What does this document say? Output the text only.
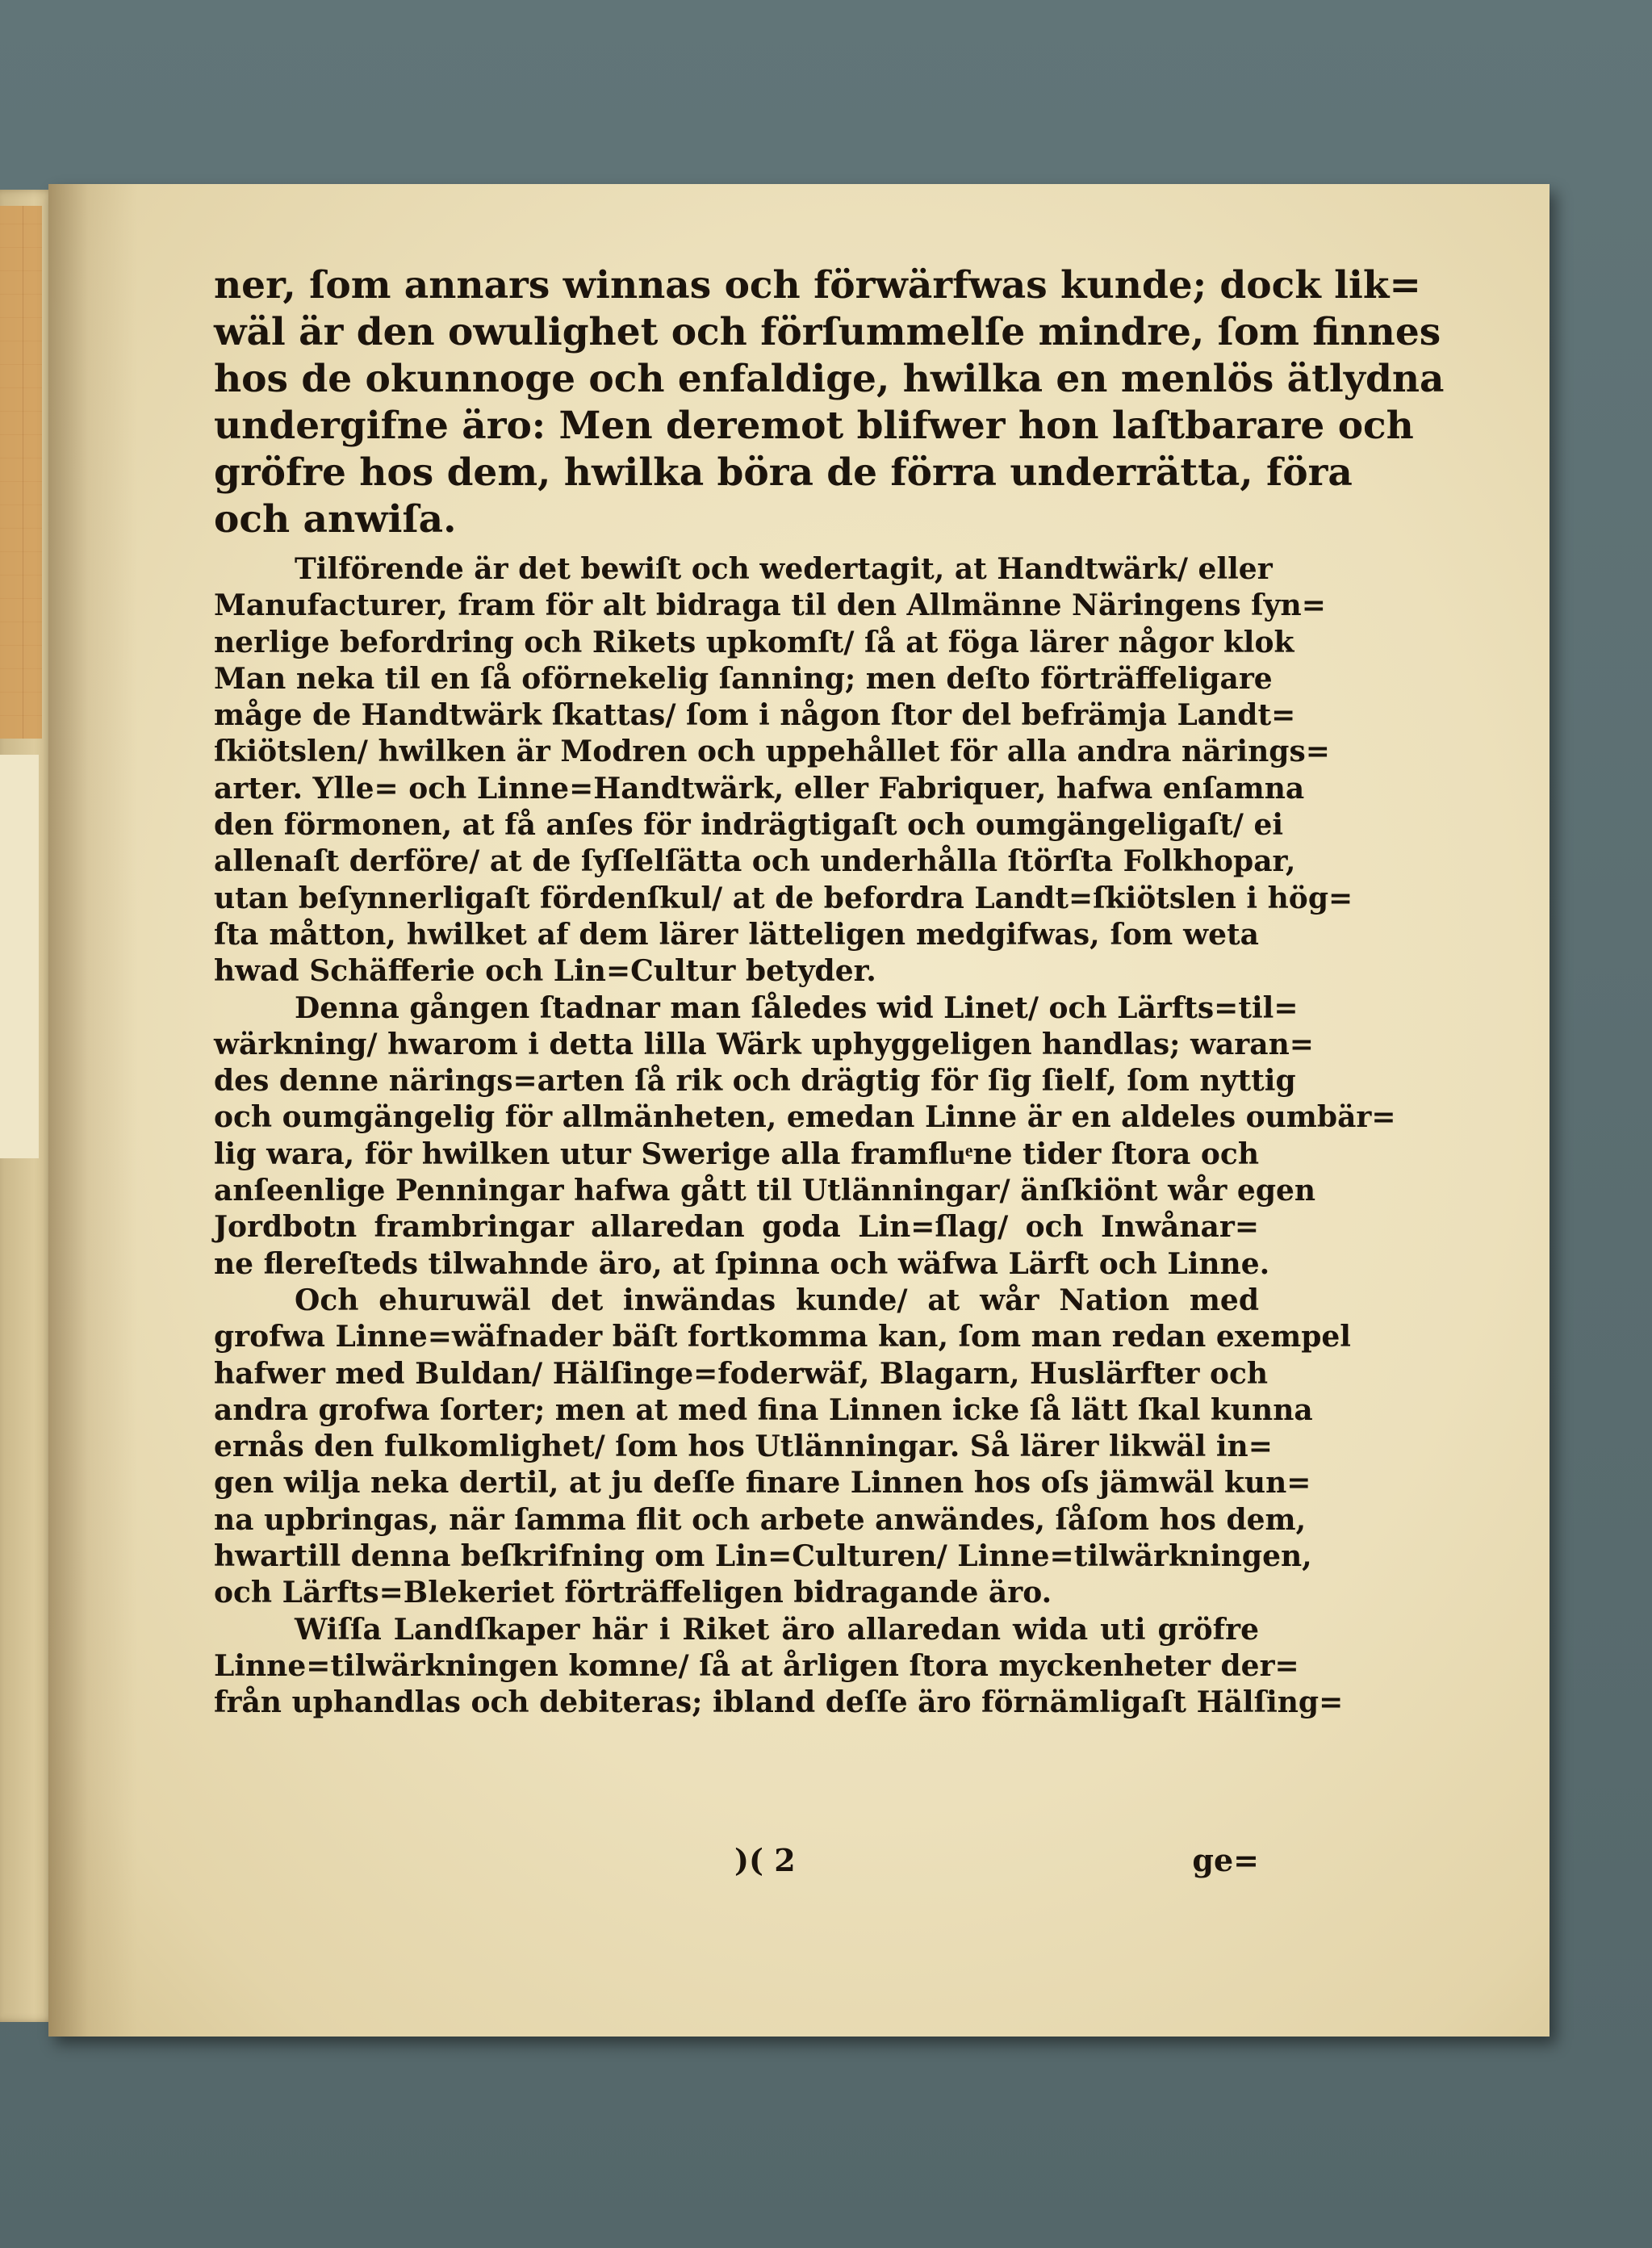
ner, ſom annars winnas och förwärfwas kunde; dock lik=
wäl är den owulighet och förſummelſe mindre, ſom finnes
hos de okunnoge och enfaldige, hwilka en menlös ätlydna
undergifne äro: Men deremot blifwer hon laſtbarare och
gröfre hos dem, hwilka böra de förra underrätta, föra
och anwiſa.
Tilförende är det bewiſt och wedertagit, at Handtwärk/ eller
Manufacturer, fram för alt bidraga til den Allmänne Näringens ſyn=
nerlige befordring och Rikets upkomſt/ ſå at föga lärer någor klok
Man neka til en ſå oförnekelig ſanning; men deſto förträffeligare
måge de Handtwärk ſkattas/ ſom i någon ſtor del befrämja Landt=
ſkiötslen/ hwilken är Modren och uppehållet för alla andra närings=
arter. Ylle= och Linne=Handtwärk, eller Fabriquer, hafwa enſamna
den förmonen, at få anſes för indrägtigaſt och oumgängeligaſt/ ei
allenaſt derföre/ at de ſyſſelſätta och underhålla ſtörſta Folkhopar,
utan beſynnerligaſt fördenſkul/ at de befordra Landt=ſkiötslen i hög=
ſta måtton, hwilket af dem lärer lätteligen medgifwas, ſom weta
hwad Schäfferie och Lin=Cultur betyder.
Denna gången ſtadnar man ſåledes wid Linet/ och Lärfts=til=
wärkning/ hwarom i detta lilla Wärk uphyggeligen handlas; waran=
des denne närings=arten ſå rik och drägtig för ſig ſielf, ſom nyttig
och oumgängelig för allmänheten, emedan Linne är en aldeles oumbär=
lig wara, för hwilken utur Swerige alla framfluͤne tider ſtora och
anſeenlige Penningar hafwa gått til Utlänningar/ änſkiönt wår egen
Jordbotn frambringar allaredan goda Lin=ſlag/ och Inwånar=
ne flereſteds tilwahnde äro, at ſpinna och wäfwa Lärft och Linne.
Och ehuruwäl det inwändas kunde/ at wår Nation med
grofwa Linne=wäfnader bäſt fortkomma kan, ſom man redan exempel
hafwer med Buldan/ Hälſinge=foderwäf, Blagarn, Huslärfter och
andra grofwa ſorter; men at med fina Linnen icke ſå lätt ſkal kunna
ernås den fulkomlighet/ ſom hos Utlänningar. Så lärer likwäl in=
gen wilja neka dertil, at ju deſſe finare Linnen hos oſs jämwäl kun=
na upbringas, när ſamma flit och arbete anwändes, ſåſom hos dem,
hwartill denna beſkrifning om Lin=Culturen/ Linne=tilwärkningen,
och Lärfts=Blekeriet förträffeligen bidragande äro.
Wiſſa Landſkaper här i Riket äro allaredan wida uti gröfre
Linne=tilwärkningen komne/ ſå at årligen ſtora myckenheter der=
från uphandlas och debiteras; ibland deſſe äro förnämligaſt Hälſing=
)( 2	ge=
